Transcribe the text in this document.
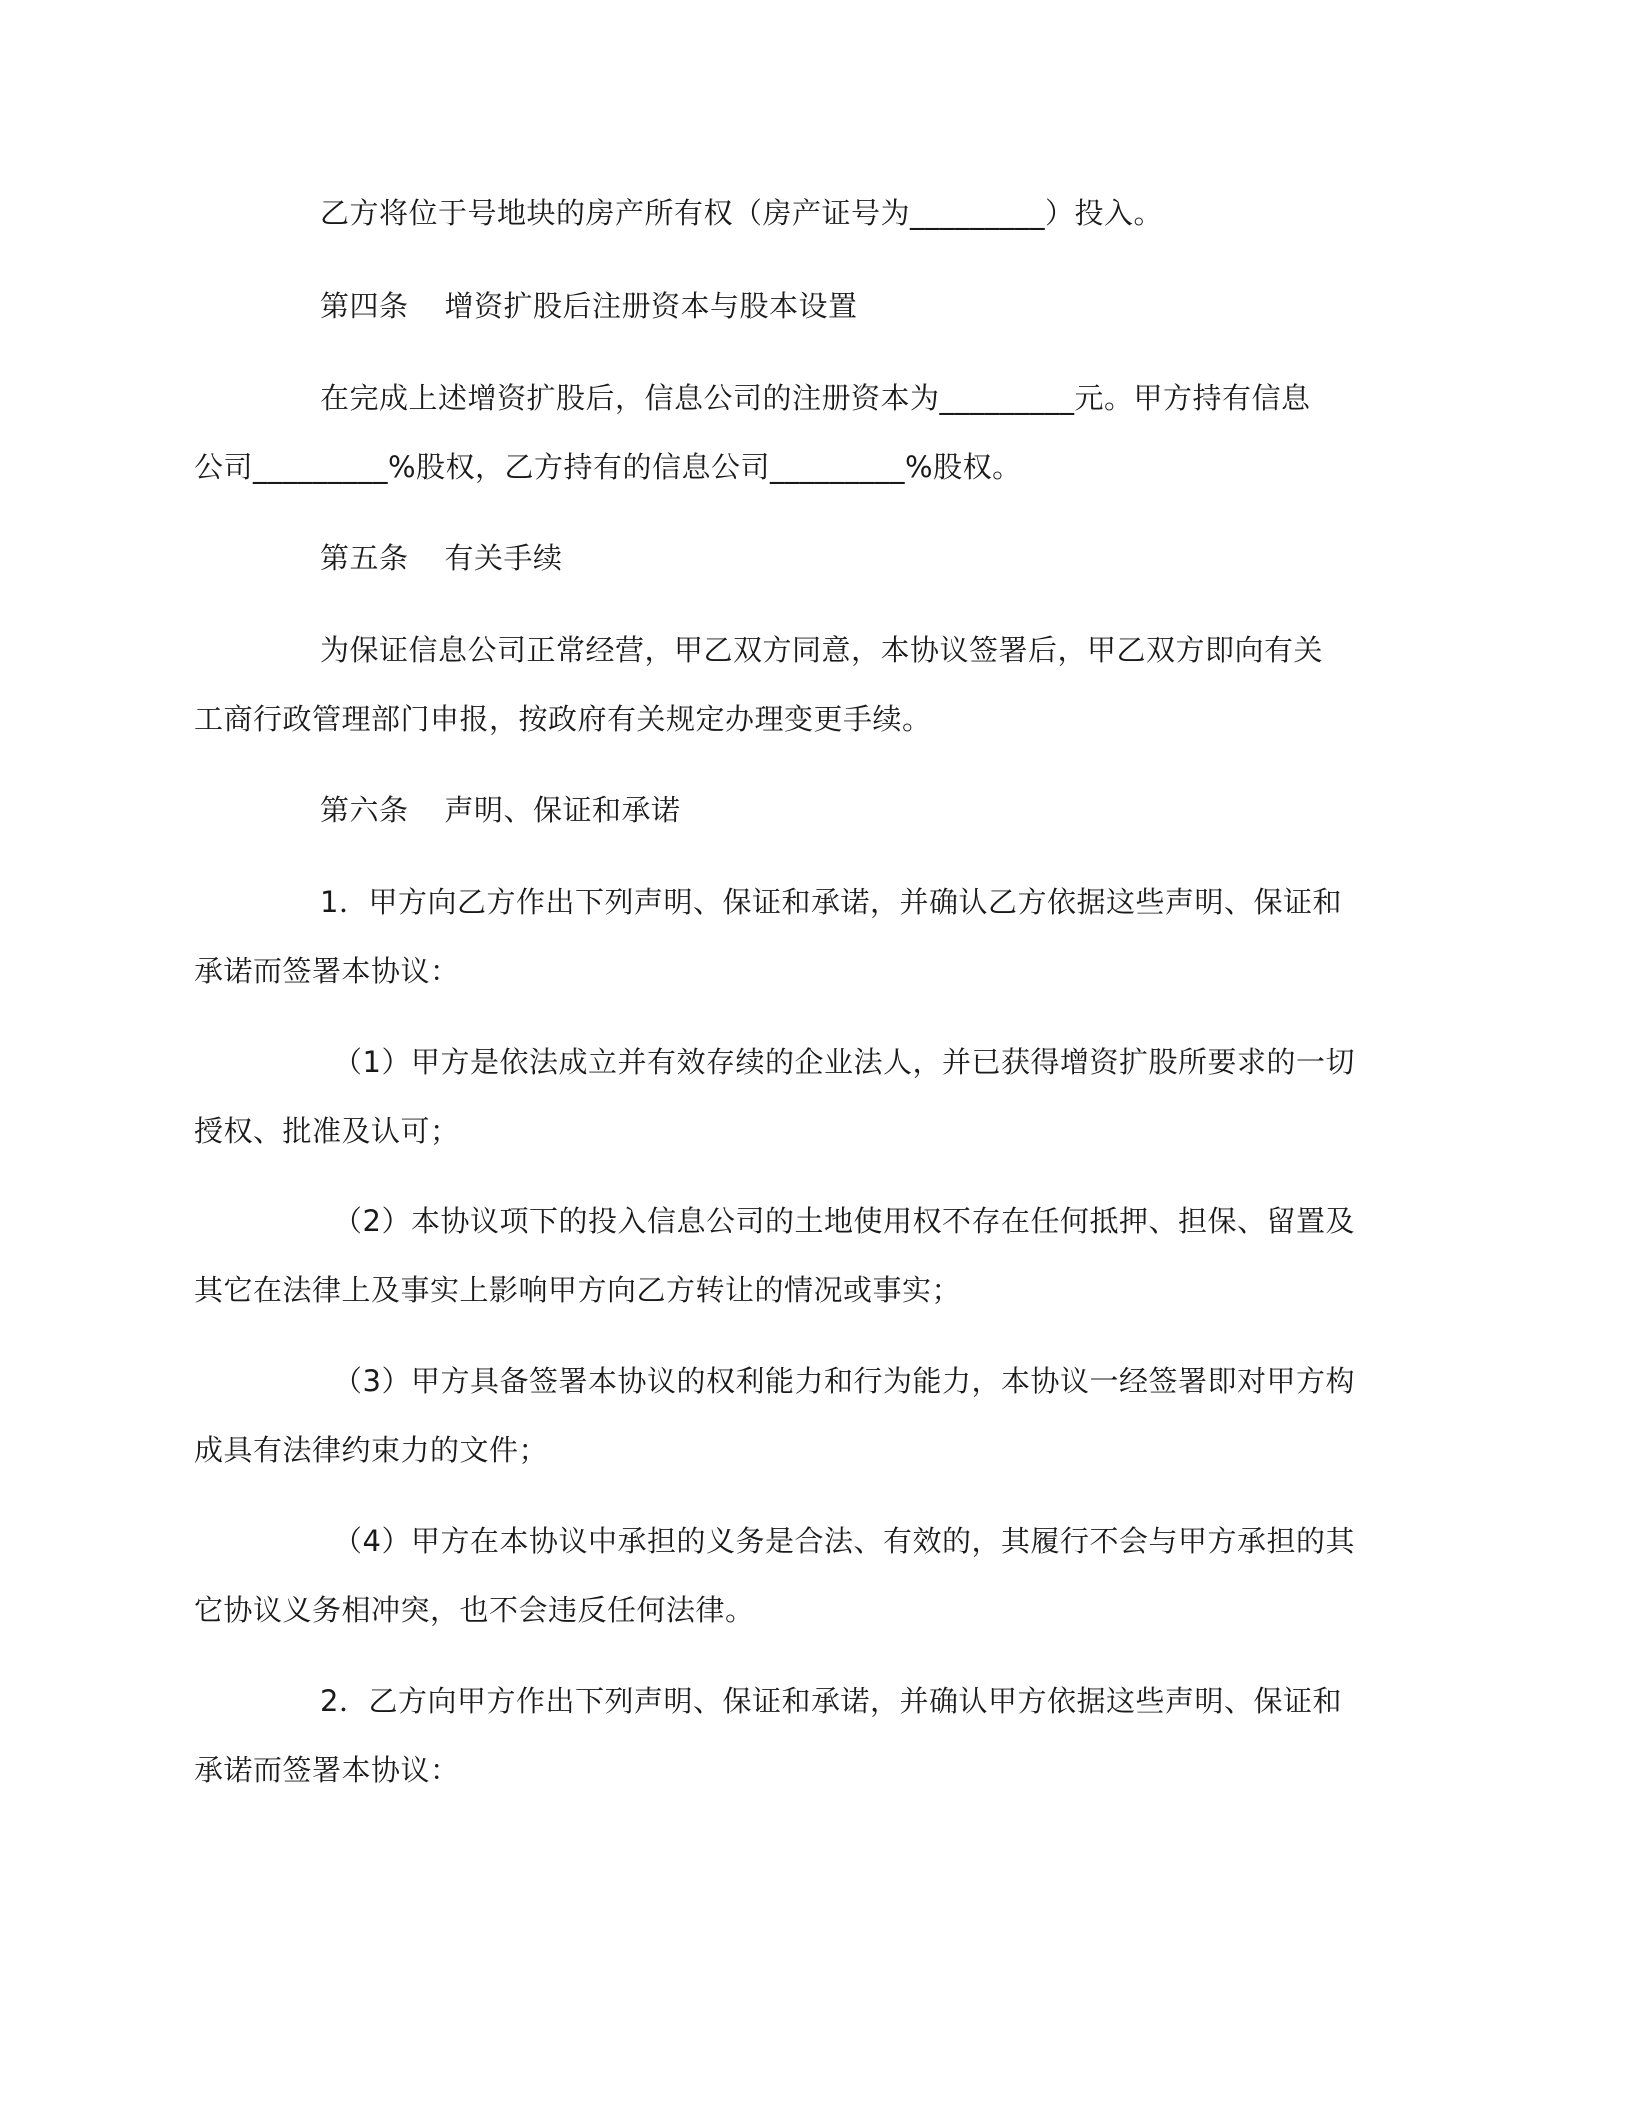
乙方将位于号地块的房产所有权（房产证号为_________）投入。
第四条 增资扩股后注册资本与股本设置
在完成上述增资扩股后，信息公司的注册资本为_________元。甲方持有信息
公司_________%股权，乙方持有的信息公司_________%股权。
第五条 有关手续
为保证信息公司正常经营，甲乙双方同意，本协议签署后，甲乙双方即向有关
工商行政管理部门申报，按政府有关规定办理变更手续。
第六条 声明、保证和承诺
1．甲方向乙方作出下列声明、保证和承诺，并确认乙方依据这些声明、保证和
承诺而签署本协议：
（1）甲方是依法成立并有效存续的企业法人，并已获得增资扩股所要求的一切
授权、批准及认可；
（2）本协议项下的投入信息公司的土地使用权不存在任何抵押、担保、留置及
其它在法律上及事实上影响甲方向乙方转让的情况或事实；
（3）甲方具备签署本协议的权利能力和行为能力，本协议一经签署即对甲方构
成具有法律约束力的文件；
（4）甲方在本协议中承担的义务是合法、有效的，其履行不会与甲方承担的其
它协议义务相冲突，也不会违反任何法律。
2．乙方向甲方作出下列声明、保证和承诺，并确认甲方依据这些声明、保证和
承诺而签署本协议：
